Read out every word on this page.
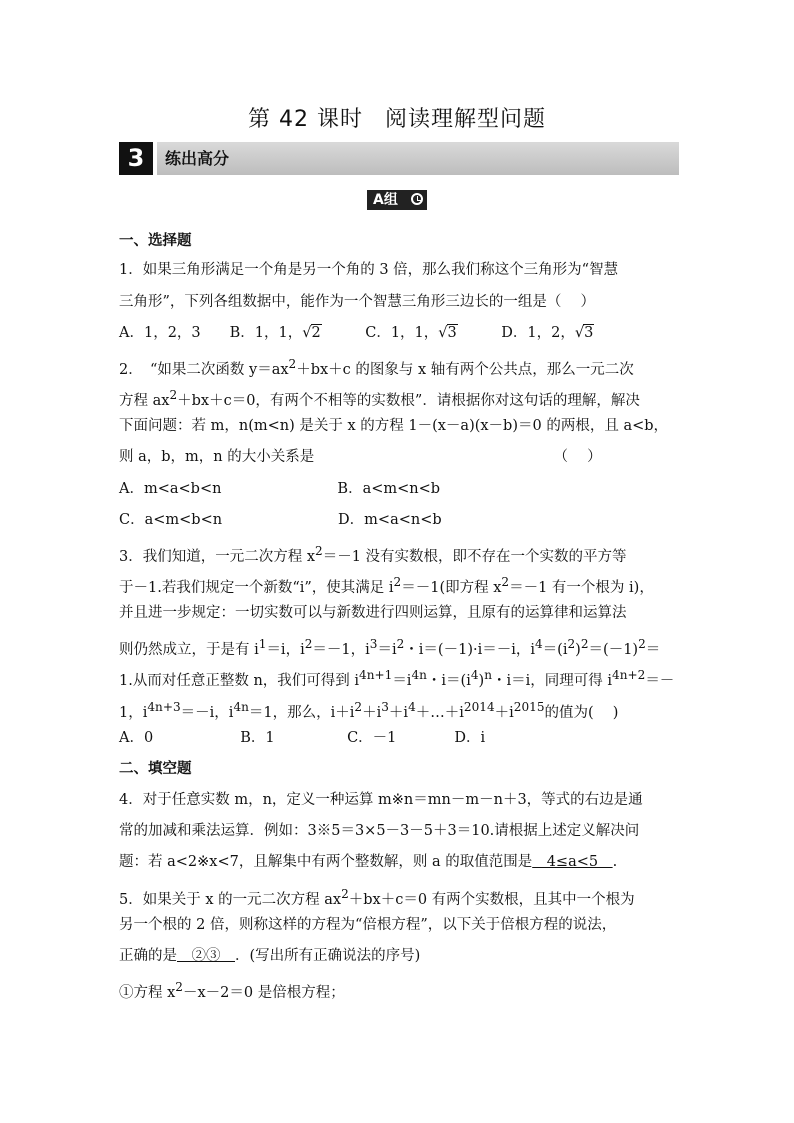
第 42 课时 阅读理解型问题
3	练出高分
A组
一、选择题
1．如果三角形满足一个角是另一个角的 3 倍，那么我们称这个三角形为“智慧
三角形”，下列各组数据中，能作为一个智慧三角形三边长的一组是（　 ）
A．1，2，3　　B．1，1，√2　　　C．1，1，√3　　　D．1，2，√3
2．　“如果二次函数 $y=ax^2+bx+c$ 的图象与 x 轴有两个公共点，那么一元二次
方程 $ax^2+bx+c=0$，有两个不相等的实数根”．请根据你对这句话的理解，解决
下面问题：若 m，n(m<n) 是关于 x 的方程 1－(x－a)(x－b)＝0 的两根，且 a<b，
则 a，b，m，n 的大小关系是　　　　　　　　　　　　　　　　　（　 ）
A．m<a<b<n　　　　　　　　B．a<m<n<b
C．a<m<b<n　　　　　　　　D．m<a<n<b
3．我们知道，一元二次方程 $x^2=-1$ 没有实数根，即不存在一个实数的平方等
于－1.若我们规定一个新数“i”，使其满足 $i^2=-1$(即方程 $x^2=-1$ 有一个根为 i)，
并且进一步规定：一切实数可以与新数进行四则运算，且原有的运算律和运算法
则仍然成立，于是有 $i^1=i$，$i^2=-1$，$i^3=i^2$・i＝(－1)·i＝－i，$i^4=(i^2)^2=(-1)^2=$
1.从而对任意正整数 n，我们可得到 $i^{4n+1}=i^{4n}$・$i=(i^4)^n$・i＝i，同理可得 $i^{4n+2}=-$
1，$i^{4n+3}=-i$，$i^{4n}=1$，那么，$i+i^2+i^3+i^4+\dots+i^{2014}+i^{2015}$的值为(　 )
A．0　　　　　　B．1　　　　　C．－1　　　　D．i
二、填空题
4．对于任意实数 m，n，定义一种运算 m※n＝mn－m－n＋3，等式的右边是通
常的加减和乘法运算．例如：3※5＝3×5－3－5＋3＝10.请根据上述定义解决问
题：若 a<2※x<7，且解集中有两个整数解，则 a 的取值范围是　4≤a<5　.
5．如果关于 x 的一元二次方程 $ax^2+bx+c=0$ 有两个实数根，且其中一个根为
另一个根的 2 倍，则称这样的方程为“倍根方程”，以下关于倍根方程的说法，
正确的是　②③　．(写出所有正确说法的序号)
①方程 $x^2-x-2=0$ 是倍根方程；
